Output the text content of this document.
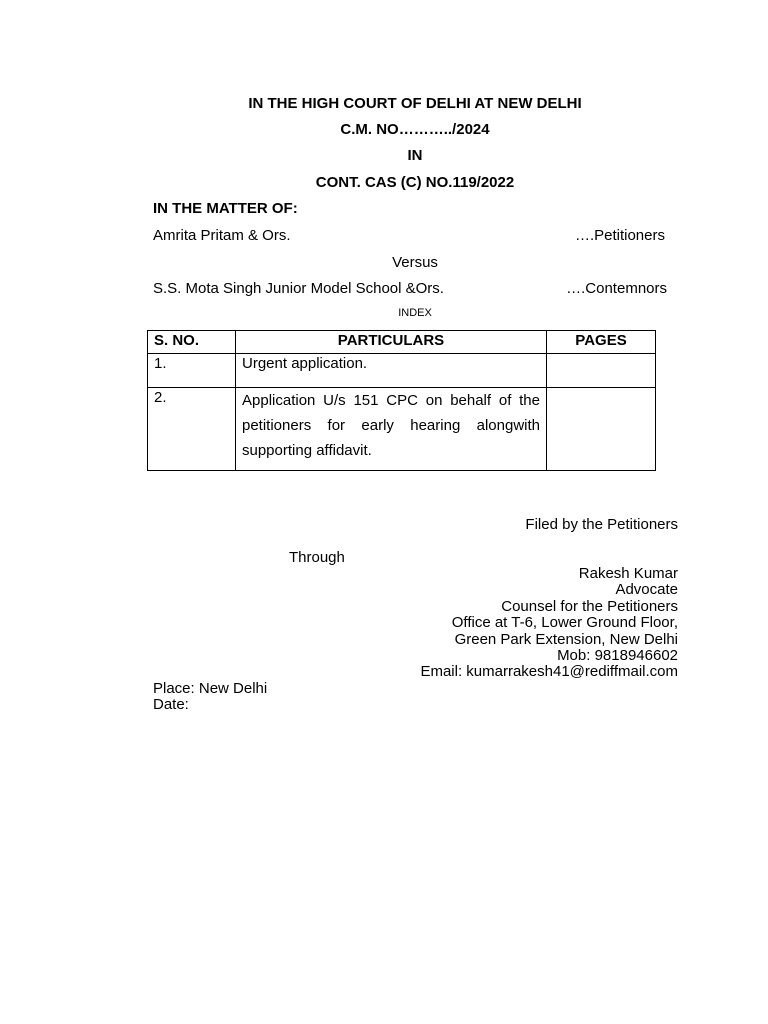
IN THE HIGH COURT OF DELHI AT NEW DELHI
C.M. NO………../2024
IN
CONT. CAS (C) NO.119/2022
IN THE MATTER OF:
Amrita Pritam & Ors.	….Petitioners
Versus
S.S. Mota Singh Junior Model School &Ors.	….Contemnors
INDEX
S. NO.	PARTICULARS	PAGES
1.	Urgent application.	
2.	Application U/s 151 CPC on behalf of the petitioners for early hearing alongwith supporting affidavit.	
Filed by the Petitioners
Through
Rakesh Kumar
Advocate
Counsel for the Petitioners
Office at T-6, Lower Ground Floor,
Green Park Extension, New Delhi
Mob: 9818946602
Email: kumarrakesh41@rediffmail.com
Place: New Delhi
Date:
